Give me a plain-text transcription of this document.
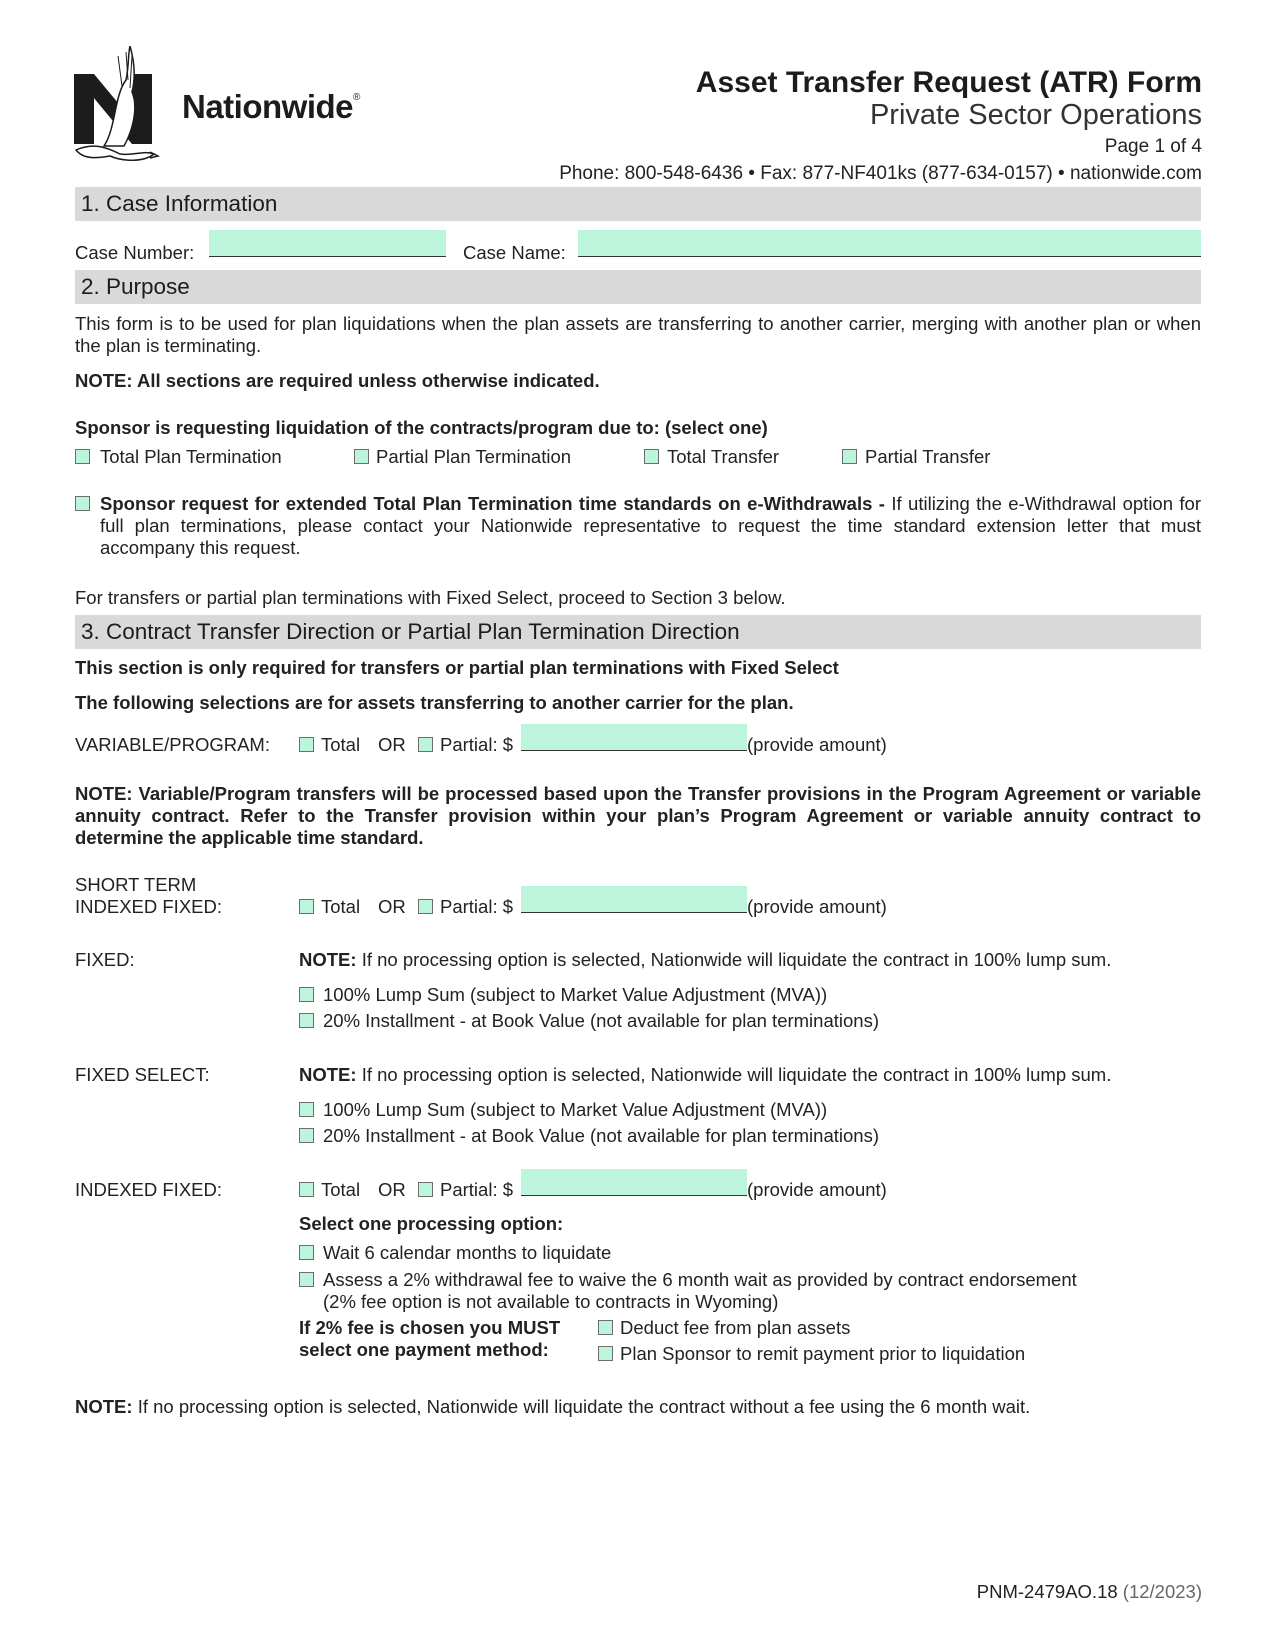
Nationwide®	Asset Transfer Request (ATR) Form
Private Sector Operations
Page 1 of 4
Phone: 800-548-6436 • Fax: 877-NF401ks (877-634-0157) • nationwide.com
1. Case Information
Case Number:	Case Name:
2. Purpose
This form is to be used for plan liquidations when the plan assets are transferring to another carrier, merging with another plan or when the plan is terminating.
NOTE: All sections are required unless otherwise indicated.
Sponsor is requesting liquidation of the contracts/program due to: (select one)
Total Plan Termination	Partial Plan Termination	Total Transfer	Partial Transfer
Sponsor request for extended Total Plan Termination time standards on e-Withdrawals - If utilizing the e-Withdrawal option for full plan terminations, please contact your Nationwide representative to request the time standard extension letter that must accompany this request.
For transfers or partial plan terminations with Fixed Select, proceed to Section 3 below.
3. Contract Transfer Direction or Partial Plan Termination Direction
This section is only required for transfers or partial plan terminations with Fixed Select
The following selections are for assets transferring to another carrier for the plan.
VARIABLE/PROGRAM:	Total OR Partial: $	(provide amount)
NOTE: Variable/Program transfers will be processed based upon the Transfer provisions in the Program Agreement or variable annuity contract. Refer to the Transfer provision within your plan’s Program Agreement or variable annuity contract to determine the applicable time standard.
SHORT TERM
INDEXED FIXED:	Total OR Partial: $	(provide amount)
FIXED:	NOTE: If no processing option is selected, Nationwide will liquidate the contract in 100% lump sum.
100% Lump Sum (subject to Market Value Adjustment (MVA))
20% Installment - at Book Value (not available for plan terminations)
FIXED SELECT:	NOTE: If no processing option is selected, Nationwide will liquidate the contract in 100% lump sum.
100% Lump Sum (subject to Market Value Adjustment (MVA))
20% Installment - at Book Value (not available for plan terminations)
INDEXED FIXED:	Total OR Partial: $	(provide amount)
Select one processing option:
Wait 6 calendar months to liquidate
Assess a 2% withdrawal fee to waive the 6 month wait as provided by contract endorsement
(2% fee option is not available to contracts in Wyoming)
If 2% fee is chosen you MUST
select one payment method:
Deduct fee from plan assets
Plan Sponsor to remit payment prior to liquidation
NOTE: If no processing option is selected, Nationwide will liquidate the contract without a fee using the 6 month wait.
PNM-2479AO.18 (12/2023)
